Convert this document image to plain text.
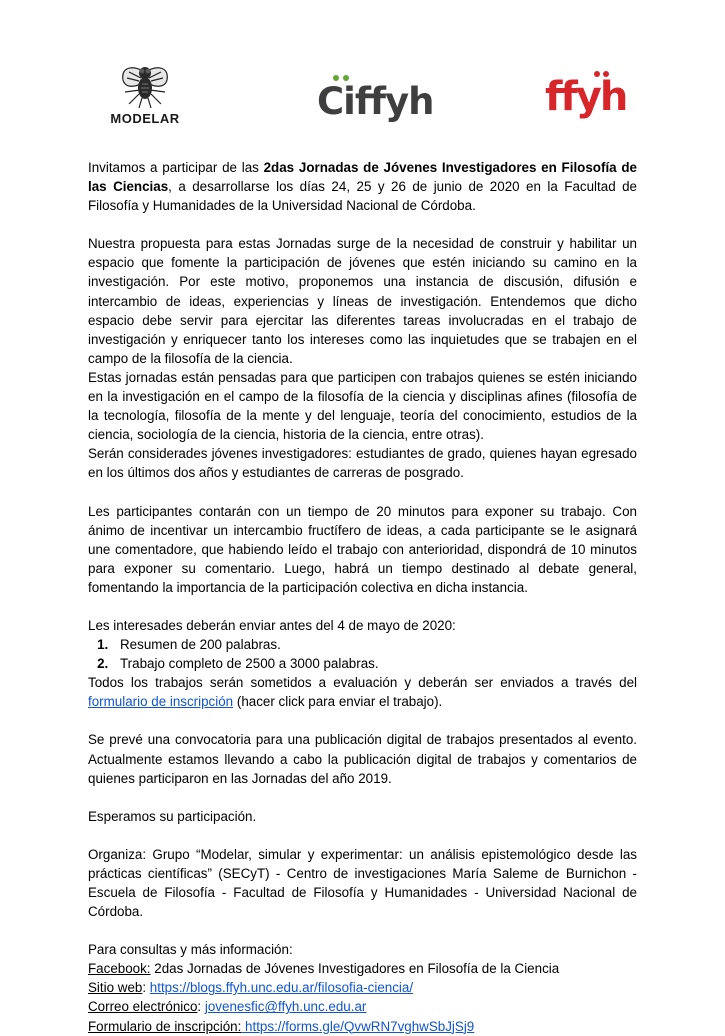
MODELAR	Ciffyh	ffyh

Invitamos a participar de las 2das Jornadas de Jóvenes Investigadores en Filosofía de las Ciencias, a desarrollarse los días 24, 25 y 26 de junio de 2020 en la Facultad de Filosofía y Humanidades de la Universidad Nacional de Córdoba.

Nuestra propuesta para estas Jornadas surge de la necesidad de construir y habilitar un espacio que fomente la participación de jóvenes que estén iniciando su camino en la investigación. Por este motivo, proponemos una instancia de discusión, difusión e intercambio de ideas, experiencias y líneas de investigación. Entendemos que dicho espacio debe servir para ejercitar las diferentes tareas involucradas en el trabajo de investigación y enriquecer tanto los intereses como las inquietudes que se trabajen en el campo de la filosofía de la ciencia.

Estas jornadas están pensadas para que participen con trabajos quienes se estén iniciando en la investigación en el campo de la filosofía de la ciencia y disciplinas afines (filosofía de la tecnología, filosofía de la mente y del lenguaje, teoría del conocimiento, estudios de la ciencia, sociología de la ciencia, historia de la ciencia, entre otras).

Serán considerades jóvenes investigadores: estudiantes de grado, quienes hayan egresado en los últimos dos años y estudiantes de carreras de posgrado.

Les participantes contarán con un tiempo de 20 minutos para exponer su trabajo. Con ánimo de incentivar un intercambio fructífero de ideas, a cada participante se le asignará une comentadore, que habiendo leído el trabajo con anterioridad, dispondrá de 10 minutos para exponer su comentario. Luego, habrá un tiempo destinado al debate general, fomentando la importancia de la participación colectiva en dicha instancia.

Les interesades deberán enviar antes del 4 de mayo de 2020:

1. Resumen de 200 palabras.
2. Trabajo completo de 2500 a 3000 palabras.

Todos los trabajos serán sometidos a evaluación y deberán ser enviados a través del formulario de inscripción (hacer click para enviar el trabajo).

Se prevé una convocatoria para una publicación digital de trabajos presentados al evento. Actualmente estamos llevando a cabo la publicación digital de trabajos y comentarios de quienes participaron en las Jornadas del año 2019.

Esperamos su participación.

Organiza: Grupo “Modelar, simular y experimentar: un análisis epistemológico desde las prácticas científicas” (SECyT) - Centro de investigaciones María Saleme de Burnichon - Escuela de Filosofía - Facultad de Filosofía y Humanidades - Universidad Nacional de Córdoba.

Para consultas y más información:

Facebook: 2das Jornadas de Jóvenes Investigadores en Filosofía de la Ciencia

Sitio web: https://blogs.ffyh.unc.edu.ar/filosofia-ciencia/

Correo electrónico: jovenesfic@ffyh.unc.edu.ar

Formulario de inscripción: https://forms.gle/QvwRN7vghwSbJjSj9
